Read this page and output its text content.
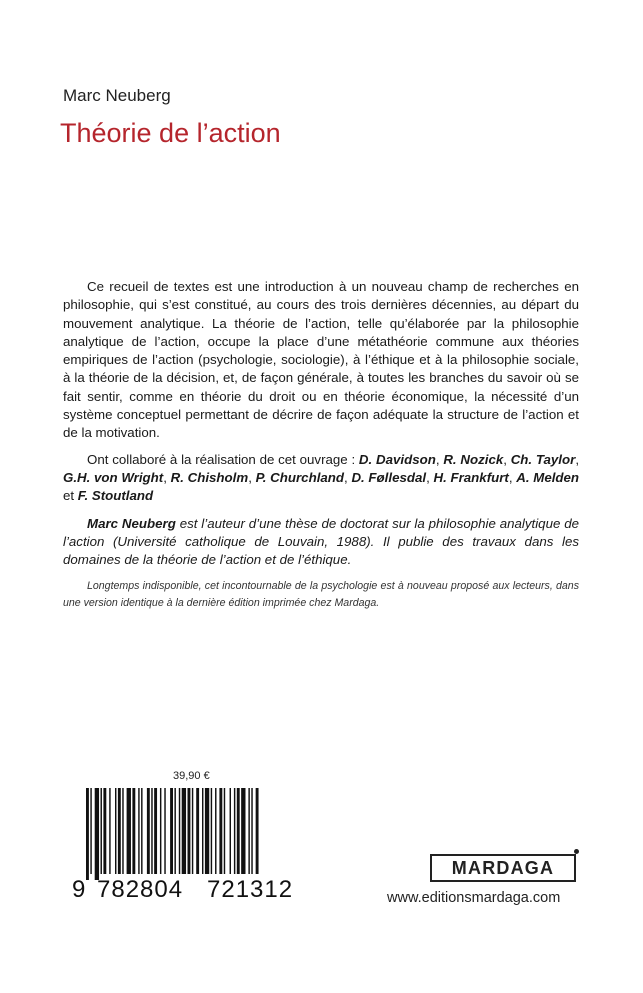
Marc Neuberg
Théorie de l’action

Ce recueil de textes est une introduction à un nouveau champ de recherches en philosophie, qui s’est constitué, au cours des trois dernières décennies, au départ du mouvement analytique. La théorie de l’action, telle qu’élaborée par la philosophie analytique de l’action, occupe la place d’une métathéorie commune aux théories empiriques de l’action (psychologie, sociologie), à l’éthique et à la philosophie sociale, à la théorie de la décision, et, de façon générale, à toutes les branches du savoir où se fait sentir, comme en théorie du droit ou en théorie économique, la nécessité d’un système conceptuel permettant de décrire de façon adéquate la structure de l’action et de la motivation.

Ont collaboré à la réalisation de cet ouvrage : D. Davidson, R. Nozick, Ch. Taylor, G.H. von Wright, R. Chisholm, P. Churchland, D. Føllesdal, H. Frankfurt, A. Melden et F. Stoutland

Marc Neuberg est l’auteur d’une thèse de doctorat sur la philosophie analytique de l’action (Université catholique de Louvain, 1988). Il publie des travaux dans les domaines de la théorie de l’action et de l’éthique.

Longtemps indisponible, cet incontournable de la psychologie est à nouveau proposé aux lecteurs, dans une version identique à la dernière édition imprimée chez Mardaga.

39,90 €
9 782804 721312
MARDAGA
www.editionsmardaga.com
